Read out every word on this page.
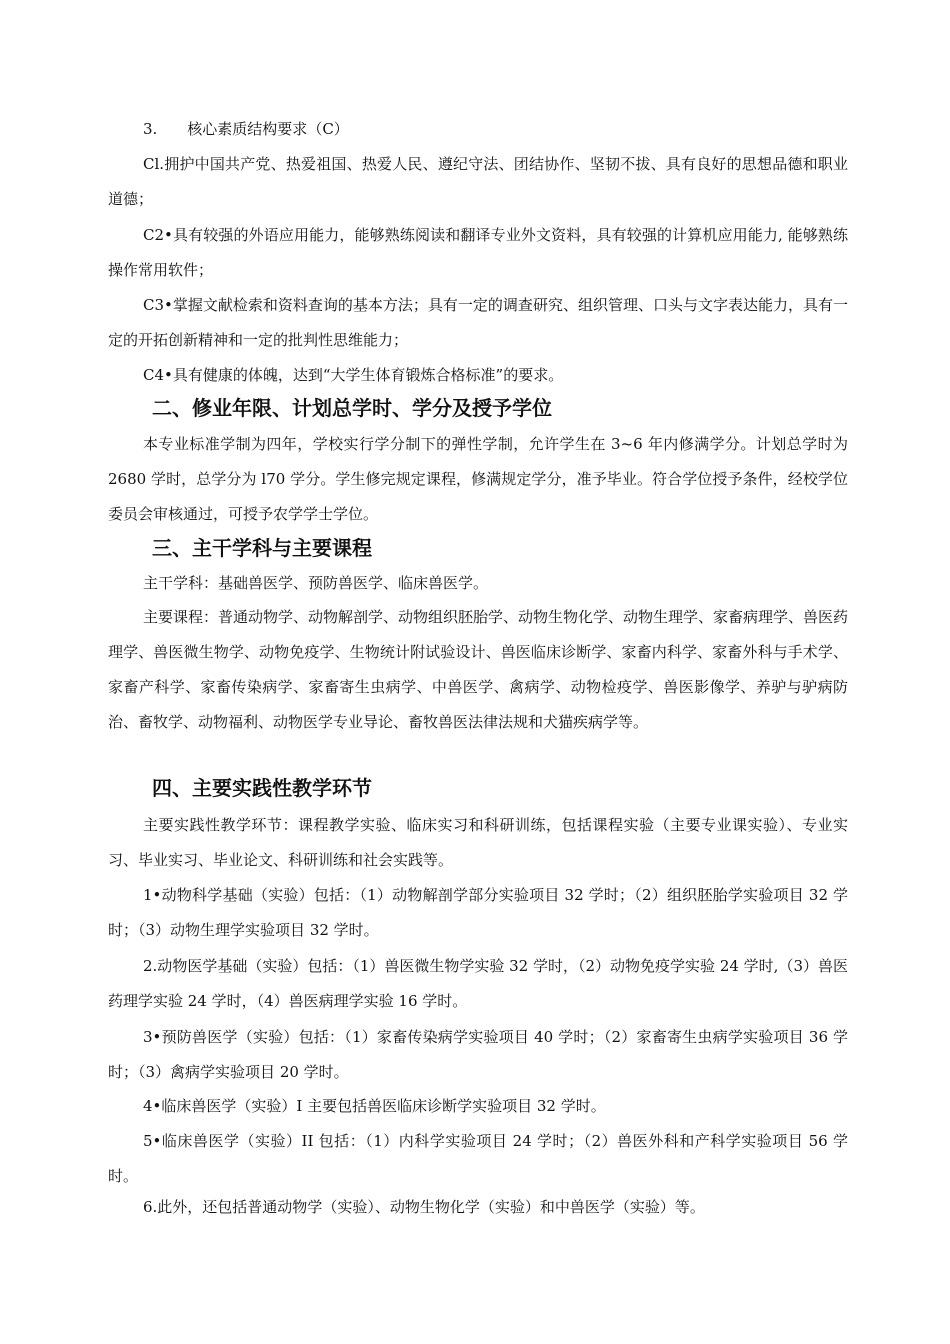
3.　　核心素质结构要求（C）

Cl.拥护中国共产党、热爱祖国、热爱人民、遵纪守法、团结协作、坚韧不拔、具有良好的思想品德和职业道德；

C2•具有较强的外语应用能力，能够熟练阅读和翻译专业外文资料，具有较强的计算机应用能力, 能够熟练操作常用软件；

C3•掌握文献检索和资料查询的基本方法；具有一定的调查研究、组织管理、口头与文字表达能力，具有一定的开拓创新精神和一定的批判性思维能力；

C4•具有健康的体魄，达到“大学生体育锻炼合格标准”的要求。

二、修业年限、计划总学时、学分及授予学位

本专业标准学制为四年，学校实行学分制下的弹性学制，允许学生在 3~6 年内修满学分。计划总学时为 2680 学时，总学分为 l70 学分。学生修完规定课程，修满规定学分，准予毕业。符合学位授予条件，经校学位委员会审核通过，可授予农学学士学位。

三、主干学科与主要课程

主干学科：基础兽医学、预防兽医学、临床兽医学。

主要课程：普通动物学、动物解剖学、动物组织胚胎学、动物生物化学、动物生理学、家畜病理学、兽医药理学、兽医微生物学、动物免疫学、生物统计附试验设计、兽医临床诊断学、家畜内科学、家畜外科与手术学、家畜产科学、家畜传染病学、家畜寄生虫病学、中兽医学、禽病学、动物检疫学、兽医影像学、养驴与驴病防治、畜牧学、动物福利、动物医学专业导论、畜牧兽医法律法规和犬猫疾病学等。

四、主要实践性教学环节

主要实践性教学环节：课程教学实验、临床实习和科研训练，包括课程实验（主要专业课实验）、专业实习、毕业实习、毕业论文、科研训练和社会实践等。

1•动物科学基础（实验）包括：（1）动物解剖学部分实验项目 32 学时；（2）组织胚胎学实验项目 32 学时；（3）动物生理学实验项目 32 学时。

2.动物医学基础（实验）包括：（1）兽医微生物学实验 32 学时，（2）动物免疫学实验 24 学时,（3）兽医药理学实验 24 学时，（4）兽医病理学实验 16 学时。

3•预防兽医学（实验）包括：（1）家畜传染病学实验项目 40 学时；（2）家畜寄生虫病学实验项目 36 学时；（3）禽病学实验项目 20 学时。

4•临床兽医学（实验）I 主要包括兽医临床诊断学实验项目 32 学时。

5•临床兽医学（实验）II 包括：（1）内科学实验项目 24 学时；（2）兽医外科和产科学实验项目 56 学时。

6.此外，还包括普通动物学（实验）、动物生物化学（实验）和中兽医学（实验）等。
